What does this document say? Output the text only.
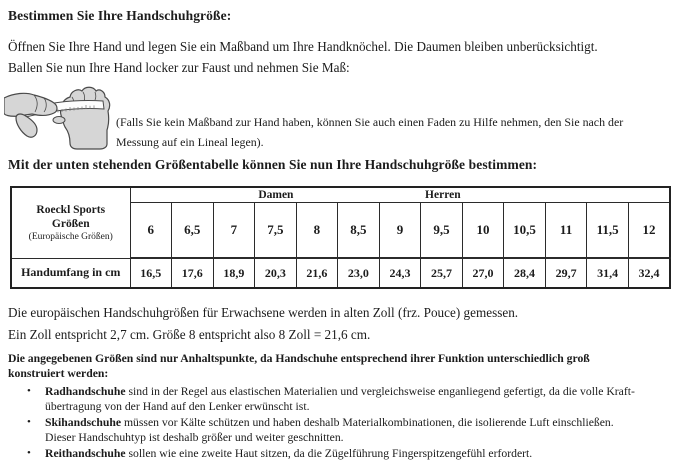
Bestimmen Sie Ihre Handschuhgröße:
Öffnen Sie Ihre Hand und legen Sie ein Maßband um Ihre Handknöchel. Die Daumen bleiben unberücksichtigt.
Ballen Sie nun Ihre Hand locker zur Faust und nehmen Sie Maß:
(Falls Sie kein Maßband zur Hand haben, können Sie auch einen Faden zu Hilfe nehmen, den Sie nach der
Messung auf ein Lineal legen).
Mit der unten stehenden Größentabelle können Sie nun Ihre Handschuhgröße bestimmen:
Roeckl Sports
Größen
(Europäische Größen)

Damen	Herren

	6	6,5	7	7,5	8	8,5	9	9,5	10	10,5	11	11,5	12
Handumfang in cm	16,5	17,6	18,9	20,3	21,6	23,0	24,3	25,7	27,0	28,4	29,7	31,4	32,4
Die europäischen Handschuhgrößen für Erwachsene werden in alten Zoll (frz. Pouce) gemessen.
Ein Zoll entspricht 2,7 cm. Größe 8 entspricht also 8 Zoll = 21,6 cm.
Die angegebenen Größen sind nur Anhaltspunkte, da Handschuhe entsprechend ihrer Funktion unterschiedlich groß
konstruiert werden:
• Radhandschuhe sind in der Regel aus elastischen Materialien und vergleichsweise enganliegend gefertigt, da die volle Kraft-
übertragung von der Hand auf den Lenker erwünscht ist.
• Skihandschuhe müssen vor Kälte schützen und haben deshalb Materialkombinationen, die isolierende Luft einschließen.
Dieser Handschuhtyp ist deshalb größer und weiter geschnitten.
• Reithandschuhe sollen wie eine zweite Haut sitzen, da die Zügelführung Fingerspitzengefühl erfordert.
